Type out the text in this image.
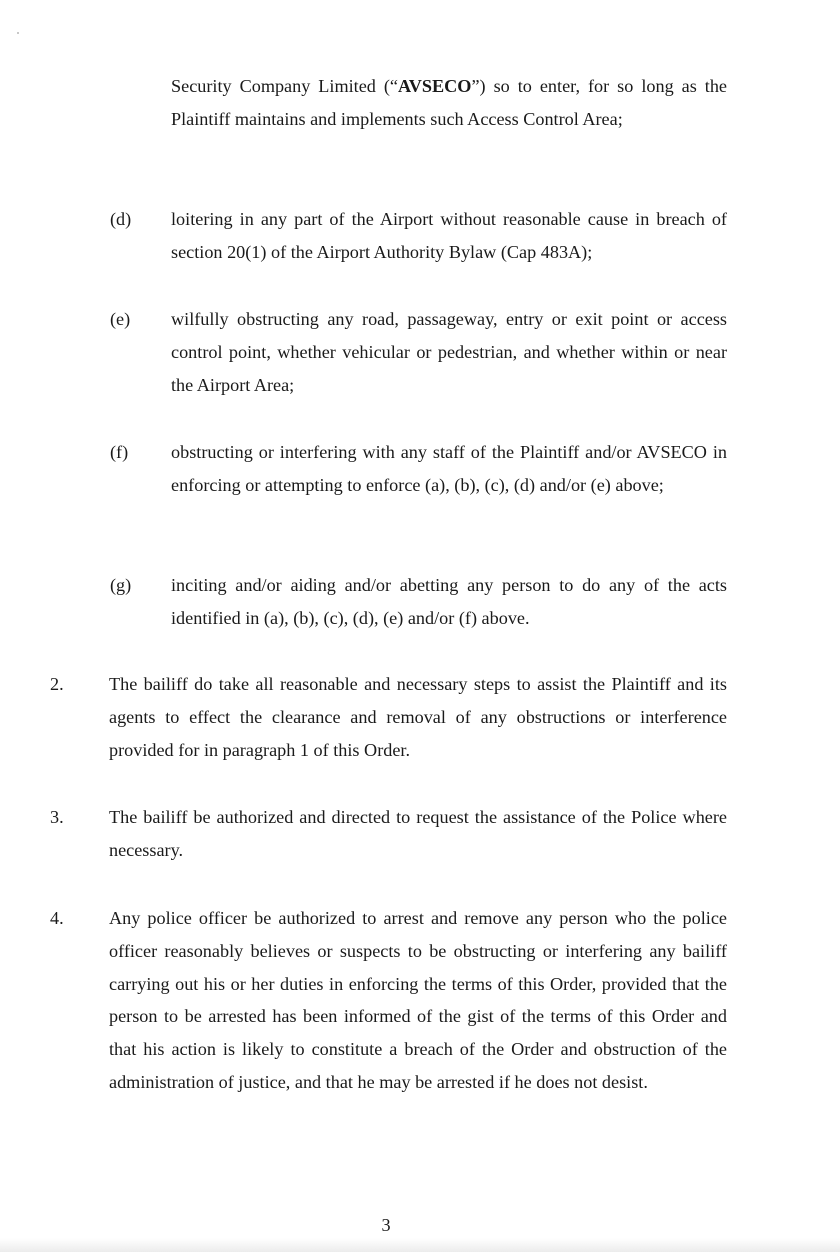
Security Company Limited (“AVSECO”) so to enter, for so long as the Plaintiff maintains and implements such Access Control Area;

(d) loitering in any part of the Airport without reasonable cause in breach of section 20(1) of the Airport Authority Bylaw (Cap 483A);

(e) wilfully obstructing any road, passageway, entry or exit point or access control point, whether vehicular or pedestrian, and whether within or near the Airport Area;

(f) obstructing or interfering with any staff of the Plaintiff and/or AVSECO in enforcing or attempting to enforce (a), (b), (c), (d) and/or (e) above;

(g) inciting and/or aiding and/or abetting any person to do any of the acts identified in (a), (b), (c), (d), (e) and/or (f) above.

2. The bailiff do take all reasonable and necessary steps to assist the Plaintiff and its agents to effect the clearance and removal of any obstructions or interference provided for in paragraph 1 of this Order.

3. The bailiff be authorized and directed to request the assistance of the Police where necessary.

4. Any police officer be authorized to arrest and remove any person who the police officer reasonably believes or suspects to be obstructing or interfering any bailiff carrying out his or her duties in enforcing the terms of this Order, provided that the person to be arrested has been informed of the gist of the terms of this Order and that his action is likely to constitute a breach of the Order and obstruction of the administration of justice, and that he may be arrested if he does not desist.

3
